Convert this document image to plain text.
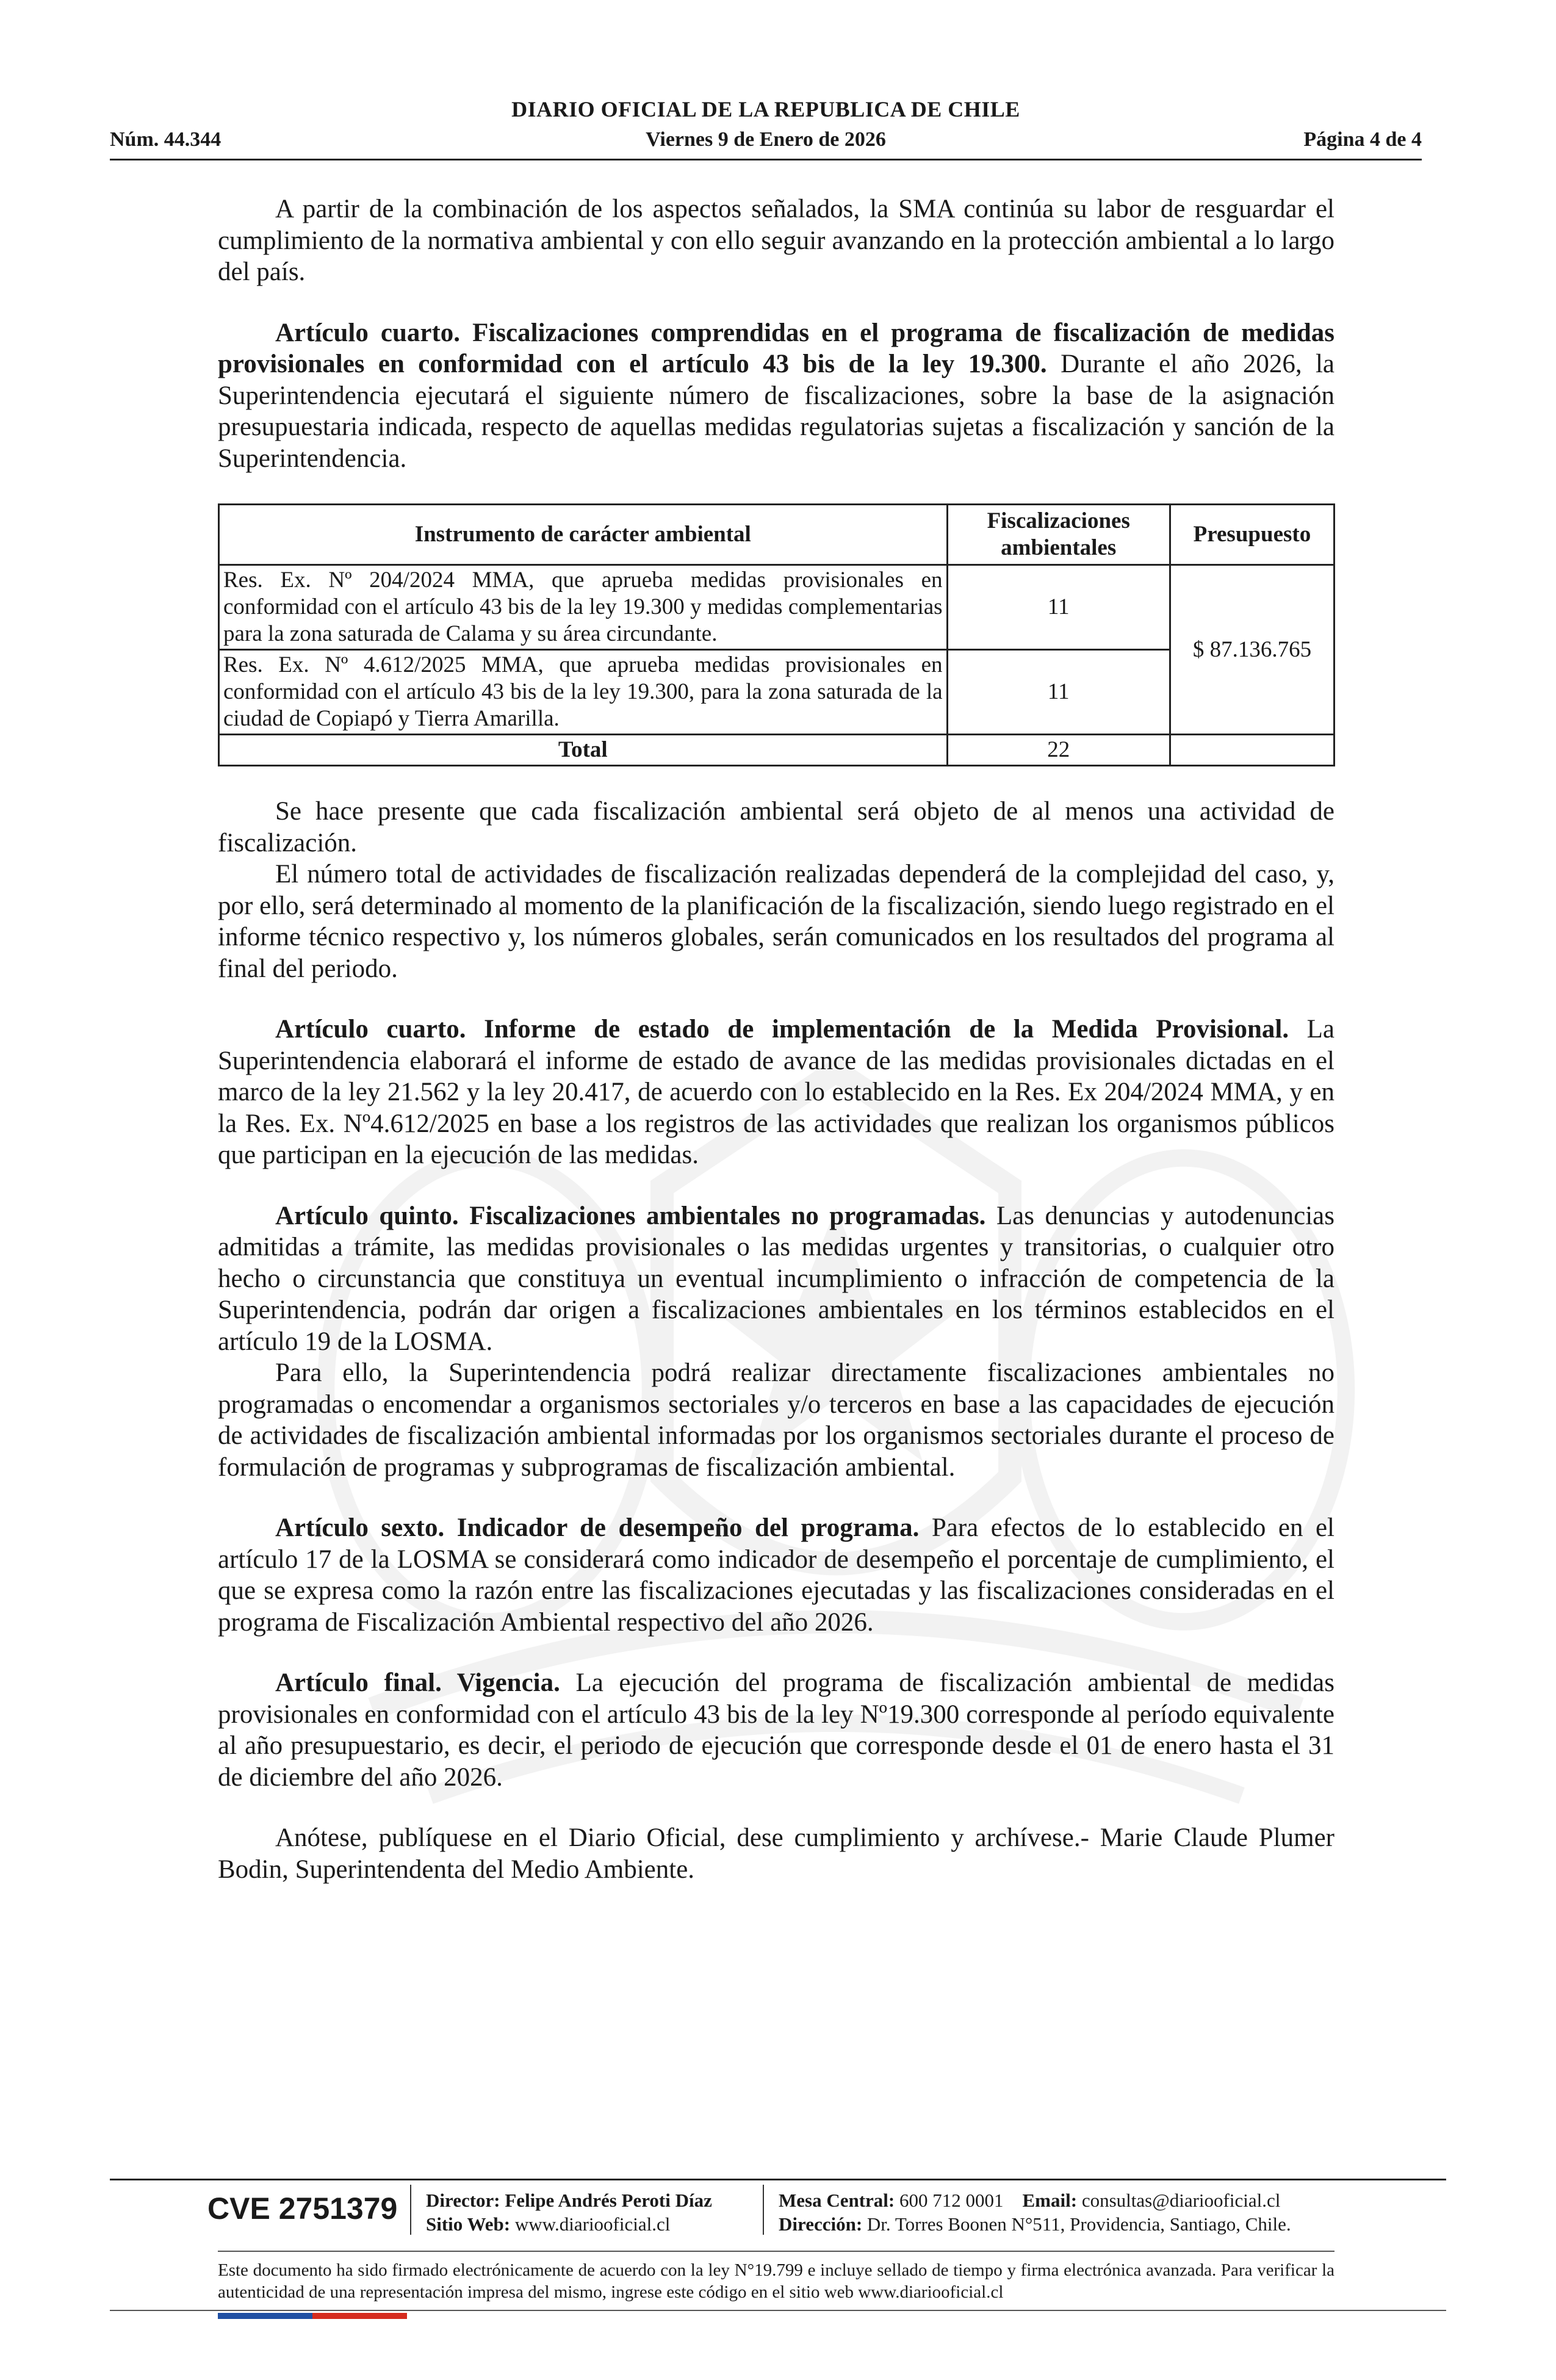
Núm. 44.344
DIARIO OFICIAL DE LA REPUBLICA DE CHILE
Viernes 9 de Enero de 2026	Página 4 de 4

A partir de la combinación de los aspectos señalados, la SMA continúa su labor de resguardar el cumplimiento de la normativa ambiental y con ello seguir avanzando en la protección ambiental a lo largo del país.

Artículo cuarto. Fiscalizaciones comprendidas en el programa de fiscalización de medidas provisionales en conformidad con el artículo 43 bis de la ley 19.300. Durante el año 2026, la Superintendencia ejecutará el siguiente número de fiscalizaciones, sobre la base de la asignación presupuestaria indicada, respecto de aquellas medidas regulatorias sujetas a fiscalización y sanción de la Superintendencia.

Instrumento de carácter ambiental	Fiscalizaciones ambientales	Presupuesto
Res. Ex. Nº 204/2024 MMA, que aprueba medidas provisionales en conformidad con el artículo 43 bis de la ley 19.300 y medidas complementarias para la zona saturada de Calama y su área circundante.	11	$ 87.136.765
Res. Ex. Nº 4.612/2025 MMA, que aprueba medidas provisionales en conformidad con el artículo 43 bis de la ley 19.300, para la zona saturada de la ciudad de Copiapó y Tierra Amarilla.	11	
Total	22	

Se hace presente que cada fiscalización ambiental será objeto de al menos una actividad de fiscalización.

El número total de actividades de fiscalización realizadas dependerá de la complejidad del caso, y, por ello, será determinado al momento de la planificación de la fiscalización, siendo luego registrado en el informe técnico respectivo y, los números globales, serán comunicados en los resultados del programa al final del periodo.

Artículo cuarto. Informe de estado de implementación de la Medida Provisional. La Superintendencia elaborará el informe de estado de avance de las medidas provisionales dictadas en el marco de la ley 21.562 y la ley 20.417, de acuerdo con lo establecido en la Res. Ex 204/2024 MMA, y en la Res. Ex. Nº4.612/2025 en base a los registros de las actividades que realizan los organismos públicos que participan en la ejecución de las medidas.

Artículo quinto. Fiscalizaciones ambientales no programadas. Las denuncias y autodenuncias admitidas a trámite, las medidas provisionales o las medidas urgentes y transitorias, o cualquier otro hecho o circunstancia que constituya un eventual incumplimiento o infracción de competencia de la Superintendencia, podrán dar origen a fiscalizaciones ambientales en los términos establecidos en el artículo 19 de la LOSMA.

Para ello, la Superintendencia podrá realizar directamente fiscalizaciones ambientales no programadas o encomendar a organismos sectoriales y/o terceros en base a las capacidades de ejecución de actividades de fiscalización ambiental informadas por los organismos sectoriales durante el proceso de formulación de programas y subprogramas de fiscalización ambiental.

Artículo sexto. Indicador de desempeño del programa. Para efectos de lo establecido en el artículo 17 de la LOSMA se considerará como indicador de desempeño el porcentaje de cumplimiento, el que se expresa como la razón entre las fiscalizaciones ejecutadas y las fiscalizaciones consideradas en el programa de Fiscalización Ambiental respectivo del año 2026.

Artículo final. Vigencia. La ejecución del programa de fiscalización ambiental de medidas provisionales en conformidad con el artículo 43 bis de la ley Nº19.300 corresponde al período equivalente al año presupuestario, es decir, el periodo de ejecución que corresponde desde el 01 de enero hasta el 31 de diciembre del año 2026.

Anótese, publíquese en el Diario Oficial, dese cumplimiento y archívese.- Marie Claude Plumer Bodin, Superintendenta del Medio Ambiente.

CVE 2751379 Director: Felipe Andrés Peroti Díaz
Sitio Web: www.diariooficial.cl
Mesa Central: 600 712 0001 Email: consultas@diariooficial.cl
Dirección: Dr. Torres Boonen N°511, Providencia, Santiago, Chile.
Este documento ha sido firmado electrónicamente de acuerdo con la ley N°19.799 e incluye sellado de tiempo y firma electrónica avanzada. Para verificar la autenticidad de una representación impresa del mismo, ingrese este código en el sitio web www.diariooficial.cl
